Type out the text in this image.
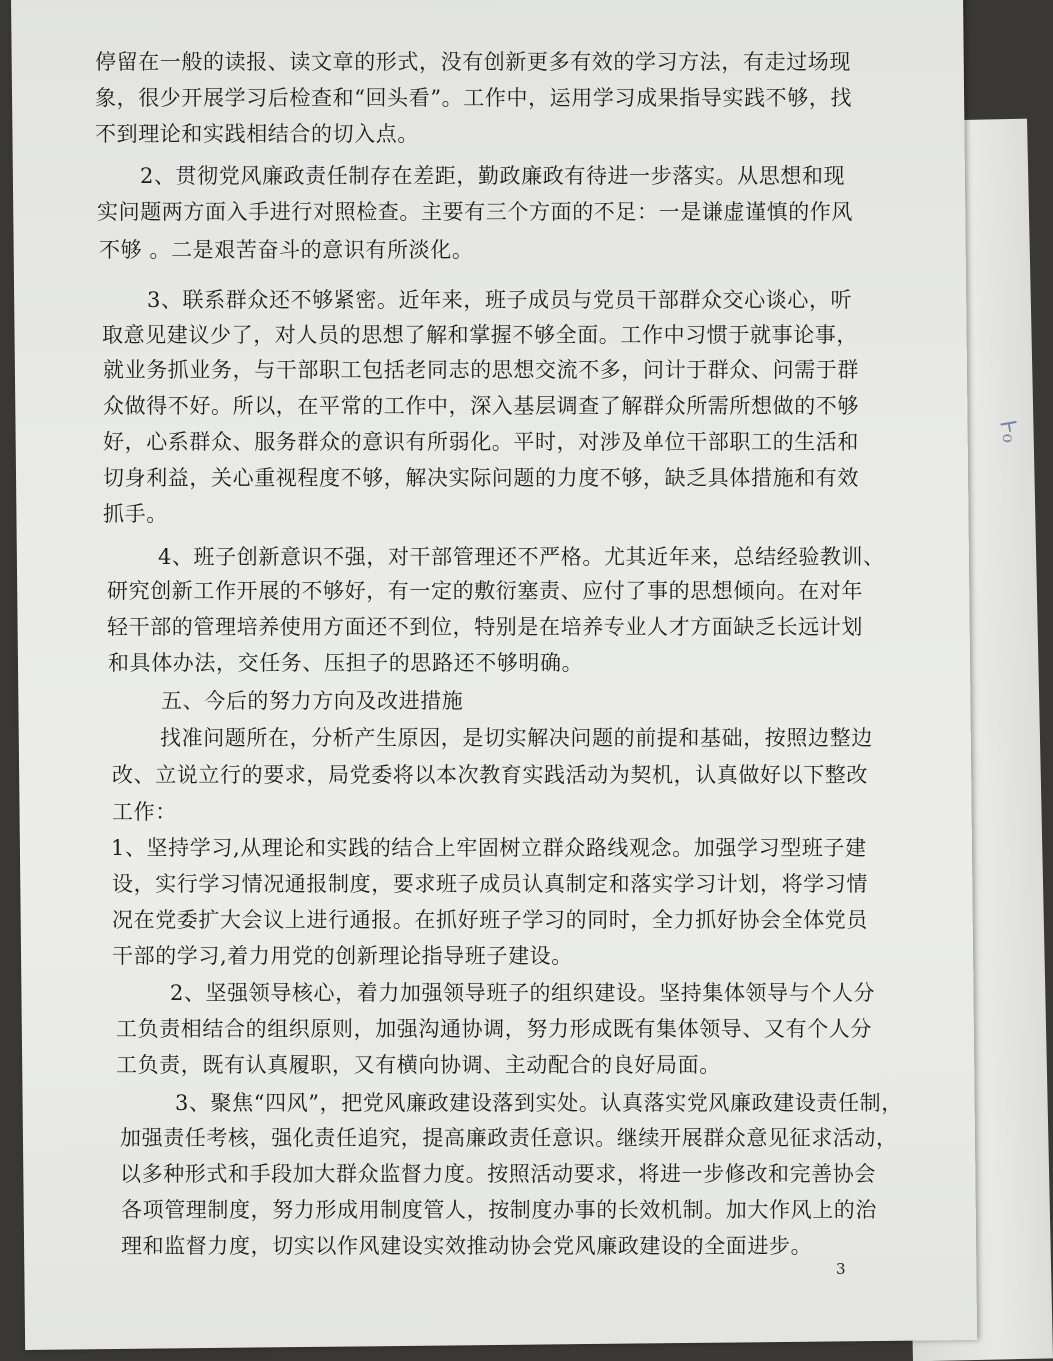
Ꮀℴ
停留在一般的读报、读文章的形式，没有创新更多有效的学习方法，有走过场现
象，很少开展学习后检查和“回头看”。工作中，运用学习成果指导实践不够，找
不到理论和实践相结合的切入点。
2、贯彻党风廉政责任制存在差距，勤政廉政有待进一步落实。从思想和现
实问题两方面入手进行对照检查。主要有三个方面的不足：一是谦虚谨慎的作风
不够 。二是艰苦奋斗的意识有所淡化。
3、联系群众还不够紧密。近年来，班子成员与党员干部群众交心谈心，听
取意见建议少了，对人员的思想了解和掌握不够全面。工作中习惯于就事论事，
就业务抓业务，与干部职工包括老同志的思想交流不多，问计于群众、问需于群
众做得不好。所以，在平常的工作中，深入基层调查了解群众所需所想做的不够
好，心系群众、服务群众的意识有所弱化。平时，对涉及单位干部职工的生活和
切身利益，关心重视程度不够，解决实际问题的力度不够，缺乏具体措施和有效
抓手。
4、班子创新意识不强，对干部管理还不严格。尤其近年来，总结经验教训、
研究创新工作开展的不够好，有一定的敷衍塞责、应付了事的思想倾向。在对年
轻干部的管理培养使用方面还不到位，特别是在培养专业人才方面缺乏长远计划
和具体办法，交任务、压担子的思路还不够明确。
五、今后的努力方向及改进措施
找准问题所在，分析产生原因，是切实解决问题的前提和基础，按照边整边
改、立说立行的要求，局党委将以本次教育实践活动为契机，认真做好以下整改
工作：
1、坚持学习,从理论和实践的结合上牢固树立群众路线观念。加强学习型班子建
设，实行学习情况通报制度，要求班子成员认真制定和落实学习计划，将学习情
况在党委扩大会议上进行通报。在抓好班子学习的同时，全力抓好协会全体党员
干部的学习,着力用党的创新理论指导班子建设。
2、坚强领导核心，着力加强领导班子的组织建设。坚持集体领导与个人分
工负责相结合的组织原则，加强沟通协调，努力形成既有集体领导、又有个人分
工负责，既有认真履职，又有横向协调、主动配合的良好局面。
3、聚焦“四风”，把党风廉政建设落到实处。认真落实党风廉政建设责任制，
加强责任考核，强化责任追究，提高廉政责任意识。继续开展群众意见征求活动，
以多种形式和手段加大群众监督力度。按照活动要求，将进一步修改和完善协会
各项管理制度，努力形成用制度管人，按制度办事的长效机制。加大作风上的治
理和监督力度，切实以作风建设实效推动协会党风廉政建设的全面进步。
3
